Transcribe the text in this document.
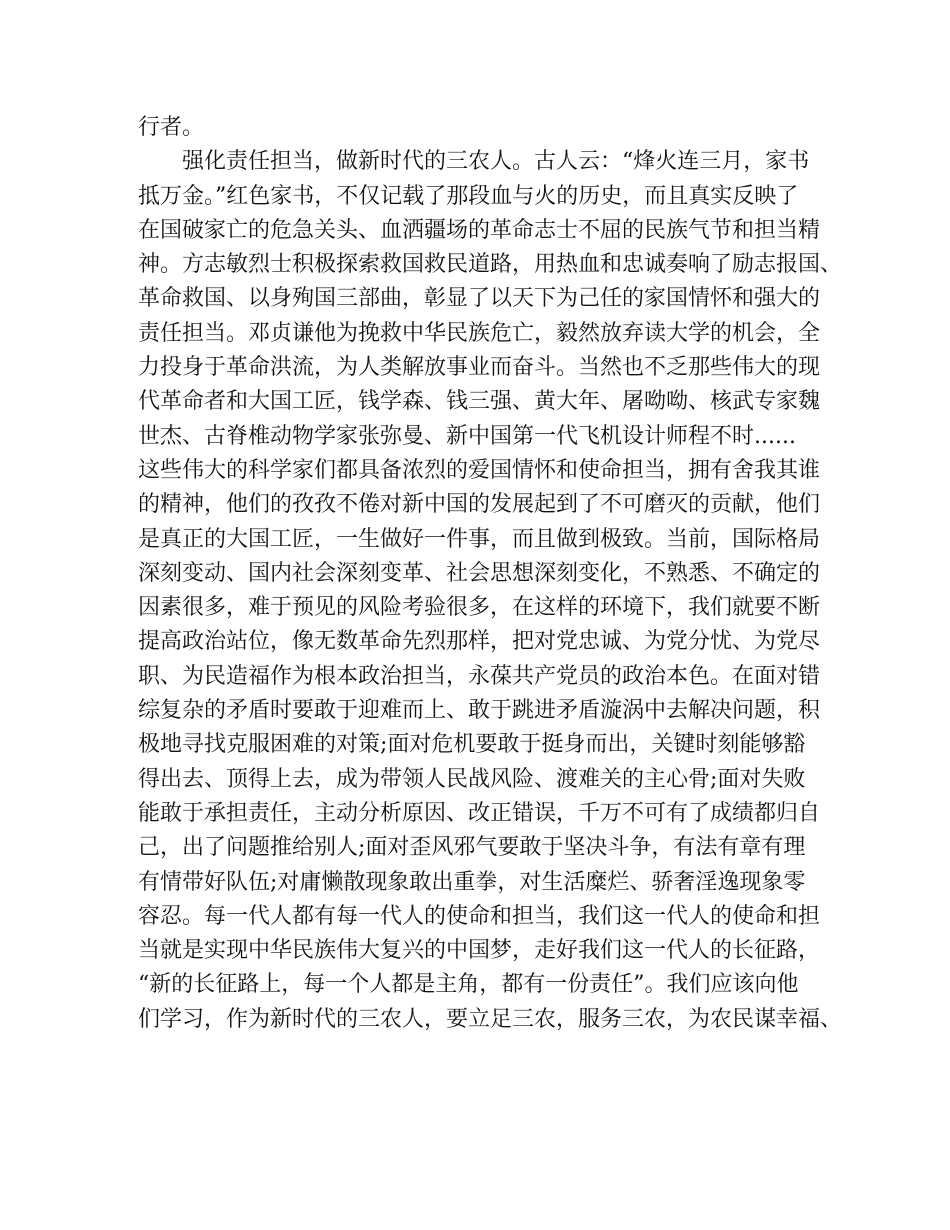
行者。
　　强化责任担当，做新时代的三农人。古人云：“烽火连三月，家书
抵万金。”红色家书，不仅记载了那段血与火的历史，而且真实反映了
在国破家亡的危急关头、血洒疆场的革命志士不屈的民族气节和担当精
神。方志敏烈士积极探索救国救民道路，用热血和忠诚奏响了励志报国、
革命救国、以身殉国三部曲，彰显了以天下为己任的家国情怀和强大的
责任担当。邓贞谦他为挽救中华民族危亡，毅然放弃读大学的机会，全
力投身于革命洪流，为人类解放事业而奋斗。当然也不乏那些伟大的现
代革命者和大国工匠，钱学森、钱三强、黄大年、屠呦呦、核武专家魏
世杰、古脊椎动物学家张弥曼、新中国第一代飞机设计师程不时......
这些伟大的科学家们都具备浓烈的爱国情怀和使命担当，拥有舍我其谁
的精神，他们的孜孜不倦对新中国的发展起到了不可磨灭的贡献，他们
是真正的大国工匠，一生做好一件事，而且做到极致。当前，国际格局
深刻变动、国内社会深刻变革、社会思想深刻变化，不熟悉、不确定的
因素很多，难于预见的风险考验很多，在这样的环境下，我们就要不断
提高政治站位，像无数革命先烈那样，把对党忠诚、为党分忧、为党尽
职、为民造福作为根本政治担当，永葆共产党员的政治本色。在面对错
综复杂的矛盾时要敢于迎难而上、敢于跳进矛盾漩涡中去解决问题，积
极地寻找克服困难的对策;面对危机要敢于挺身而出，关键时刻能够豁
得出去、顶得上去，成为带领人民战风险、渡难关的主心骨;面对失败
能敢于承担责任，主动分析原因、改正错误，千万不可有了成绩都归自
己，出了问题推给别人;面对歪风邪气要敢于坚决斗争，有法有章有理
有情带好队伍;对庸懒散现象敢出重拳，对生活糜烂、骄奢淫逸现象零
容忍。每一代人都有每一代人的使命和担当，我们这一代人的使命和担
当就是实现中华民族伟大复兴的中国梦，走好我们这一代人的长征路，
“新的长征路上，每一个人都是主角，都有一份责任”。我们应该向他
们学习，作为新时代的三农人，要立足三农，服务三农，为农民谋幸福、
